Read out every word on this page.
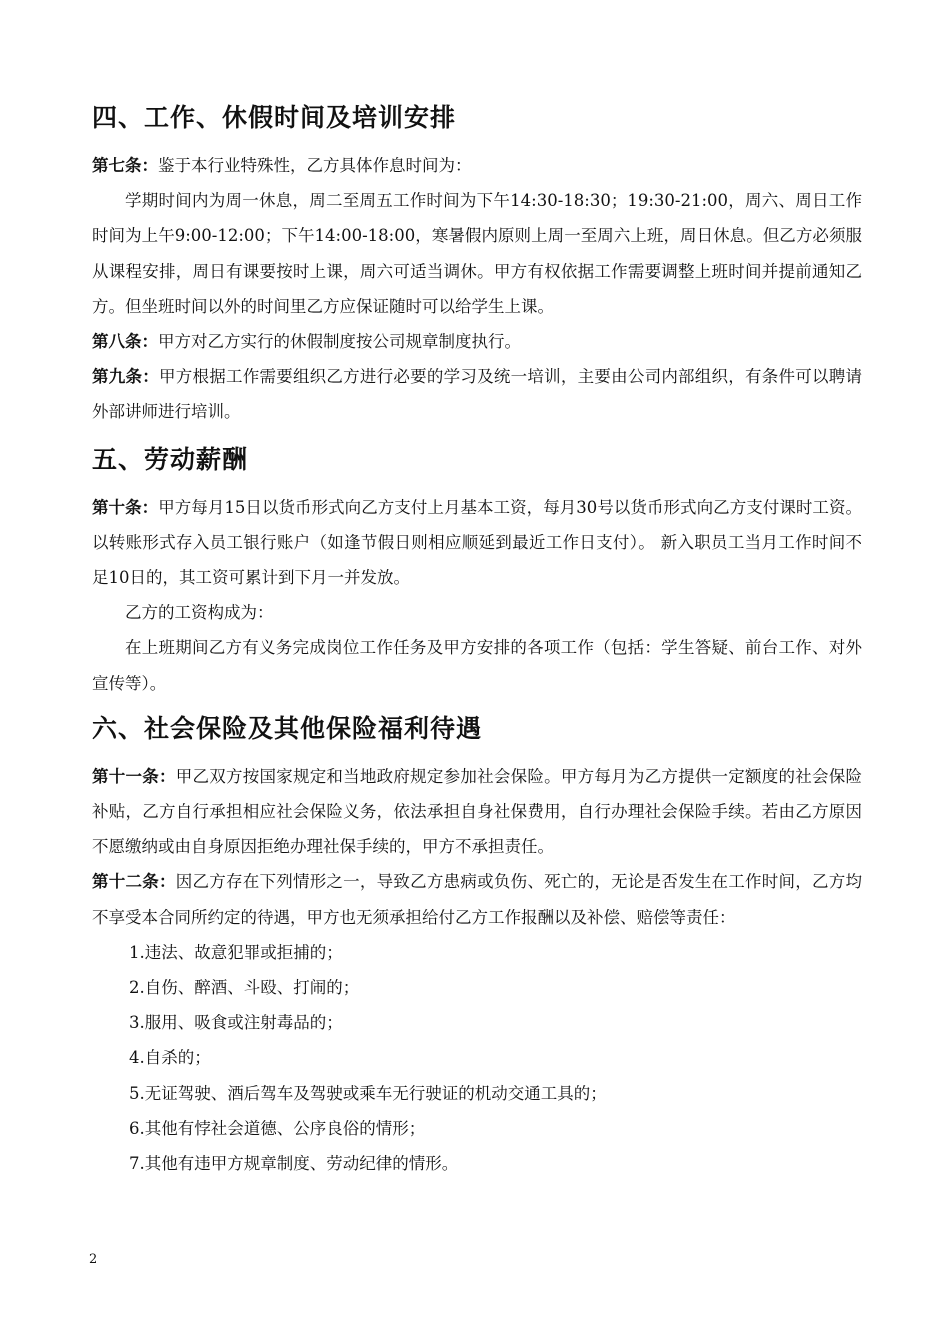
四、工作、休假时间及培训安排

第七条：鉴于本行业特殊性，乙方具体作息时间为：

学期时间内为周一休息，周二至周五工作时间为下午14:30-18:30；19:30-21:00，周六、周日工作时间为上午9:00-12:00；下午14:00-18:00，寒暑假内原则上周一至周六上班，周日休息。但乙方必须服从课程安排，周日有课要按时上课，周六可适当调休。甲方有权依据工作需要调整上班时间并提前通知乙方。但坐班时间以外的时间里乙方应保证随时可以给学生上课。

第八条：甲方对乙方实行的休假制度按公司规章制度执行。

第九条：甲方根据工作需要组织乙方进行必要的学习及统一培训，主要由公司内部组织，有条件可以聘请外部讲师进行培训。

五、劳动薪酬

第十条：甲方每月15日以货币形式向乙方支付上月基本工资，每月30号以货币形式向乙方支付课时工资。以转账形式存入员工银行账户（如逢节假日则相应顺延到最近工作日支付）。 新入职员工当月工作时间不足10日的，其工资可累计到下月一并发放。

乙方的工资构成为：

在上班期间乙方有义务完成岗位工作任务及甲方安排的各项工作（包括：学生答疑、前台工作、对外宣传等）。

六、社会保险及其他保险福利待遇

第十一条：甲乙双方按国家规定和当地政府规定参加社会保险。甲方每月为乙方提供一定额度的社会保险补贴，乙方自行承担相应社会保险义务，依法承担自身社保费用，自行办理社会保险手续。若由乙方原因不愿缴纳或由自身原因拒绝办理社保手续的，甲方不承担责任。

第十二条：因乙方存在下列情形之一，导致乙方患病或负伤、死亡的，无论是否发生在工作时间，乙方均不享受本合同所约定的待遇，甲方也无须承担给付乙方工作报酬以及补偿、赔偿等责任：

1.违法、故意犯罪或拒捕的；

2.自伤、醉酒、斗殴、打闹的；

3.服用、吸食或注射毒品的；

4.自杀的；

5.无证驾驶、酒后驾车及驾驶或乘车无行驶证的机动交通工具的；

6.其他有悖社会道德、公序良俗的情形；

7.其他有违甲方规章制度、劳动纪律的情形。

2
